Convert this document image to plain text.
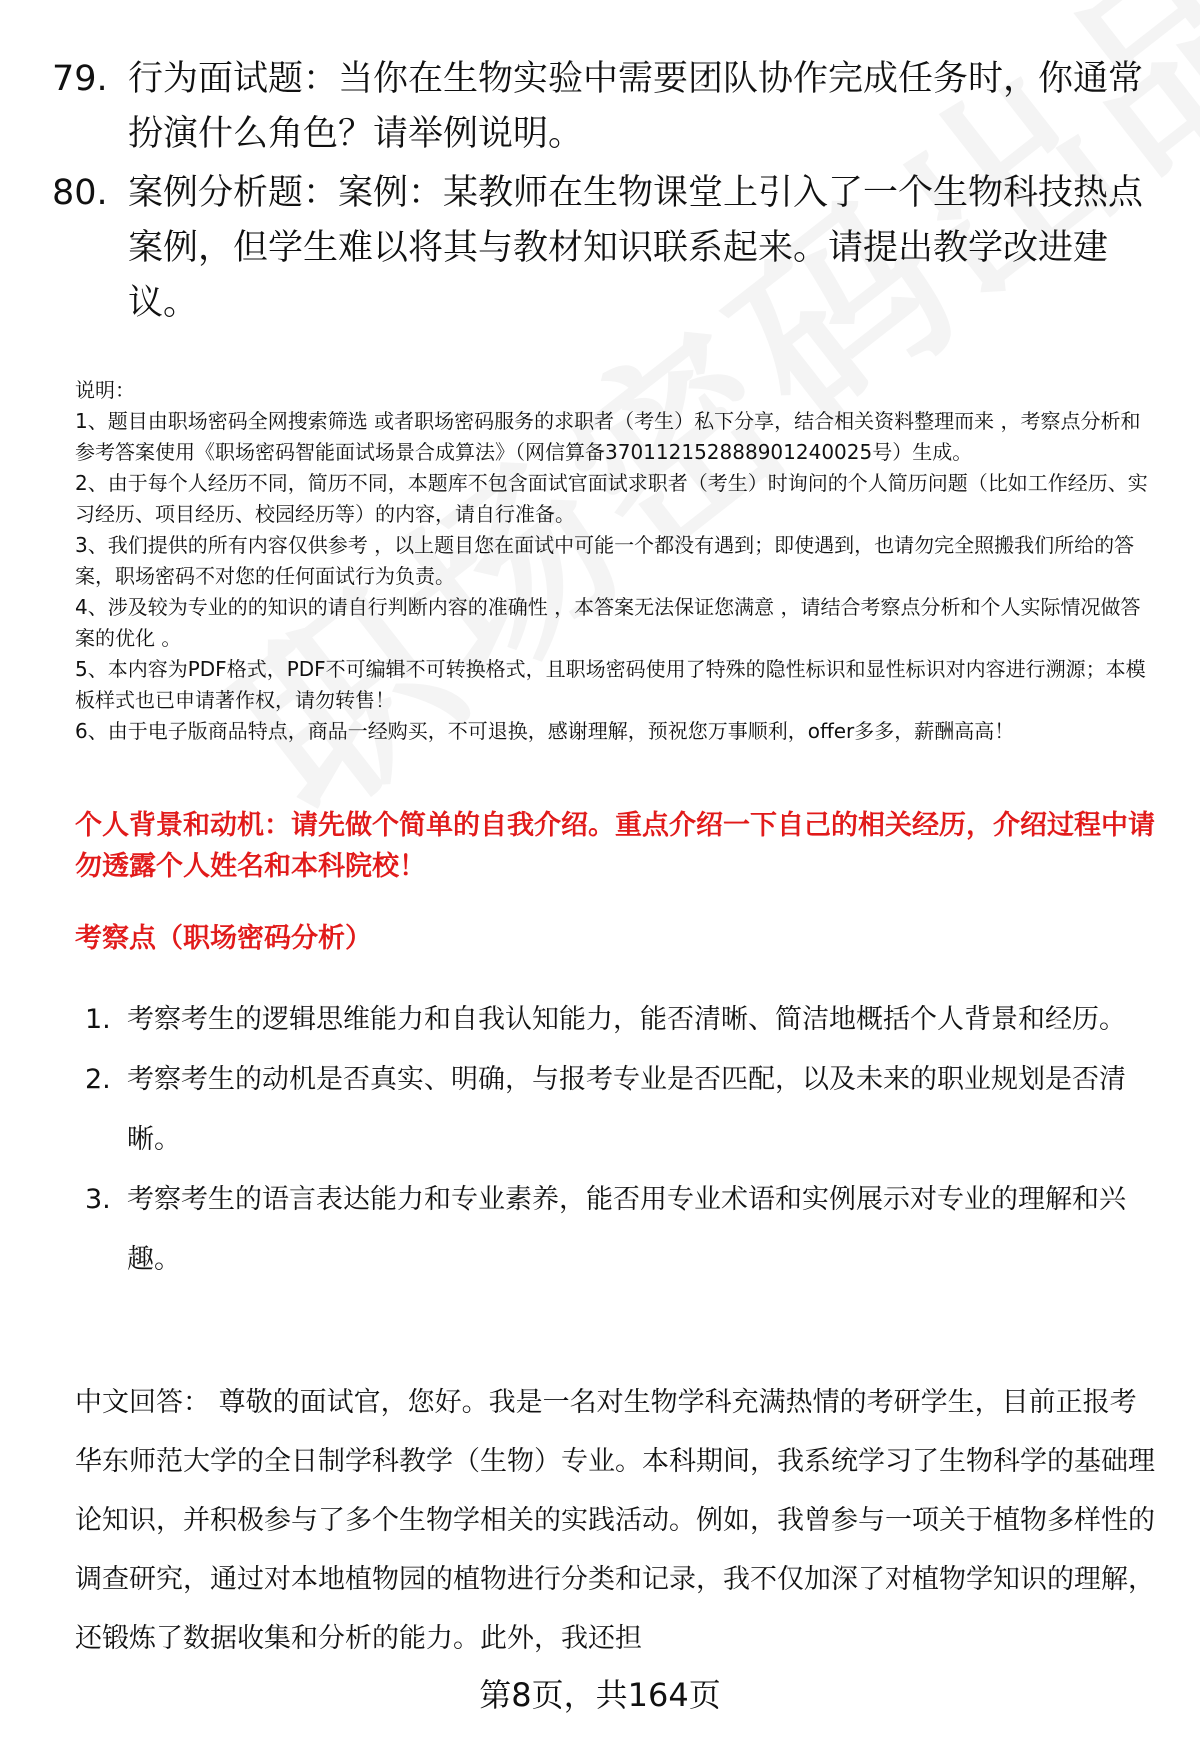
79. 行为面试题：当你在生物实验中需要团队协作完成任务时，你通常扮演什么角色？请举例说明。
80. 案例分析题：案例：某教师在生物课堂上引入了一个生物科技热点案例，但学生难以将其与教材知识联系起来。请提出教学改进建议。

说明：

1、题目由职场密码全网搜索筛选 或者职场密码服务的求职者（考生）私下分享，结合相关资料整理而来 ，考察点分析和参考答案使用《职场密码智能面试场景合成算法》（网信算备370112152888901240025号）生成。

2、由于每个人经历不同，简历不同，本题库不包含面试官面试求职者（考生）时询问的个人简历问题（比如工作经历、实习经历、项目经历、校园经历等）的内容，请自行准备。

3、我们提供的所有内容仅供参考 ，以上题目您在面试中可能一个都没有遇到；即使遇到，也请勿完全照搬我们所给的答案，职场密码不对您的任何面试行为负责。

4、涉及较为专业的的知识的请自行判断内容的准确性 ，本答案无法保证您满意 ，请结合考察点分析和个人实际情况做答案的优化 。

5、本内容为PDF格式，PDF不可编辑不可转换格式，且职场密码使用了特殊的隐性标识和显性标识对内容进行溯源；本模板样式也已申请著作权，请勿转售！

6、由于电子版商品特点，商品一经购买，不可退换，感谢理解，预祝您万事顺利，offer多多，薪酬高高！

个人背景和动机：请先做个简单的自我介绍。重点介绍一下自己的相关经历，介绍过程中请勿透露个人姓名和本科院校！
考察点（职场密码分析）
1. 考察考生的逻辑思维能力和自我认知能力，能否清晰、简洁地概括个人背景和经历。
2. 考察考生的动机是否真实、明确，与报考专业是否匹配，以及未来的职业规划是否清晰。
3. 考察考生的语言表达能力和专业素养，能否用专业术语和实例展示对专业的理解和兴趣。
中文回答： 尊敬的面试官，您好。我是一名对生物学科充满热情的考研学生，目前正报考华东师范大学的全日制学科教学（生物）专业。本科期间，我系统学习了生物科学的基础理论知识，并积极参与了多个生物学相关的实践活动。例如，我曾参与一项关于植物多样性的调查研究，通过对本地植物园的植物进行分类和记录，我不仅加深了对植物学知识的理解，还锻炼了数据收集和分析的能力。此外，我还担
第8页，共164页
